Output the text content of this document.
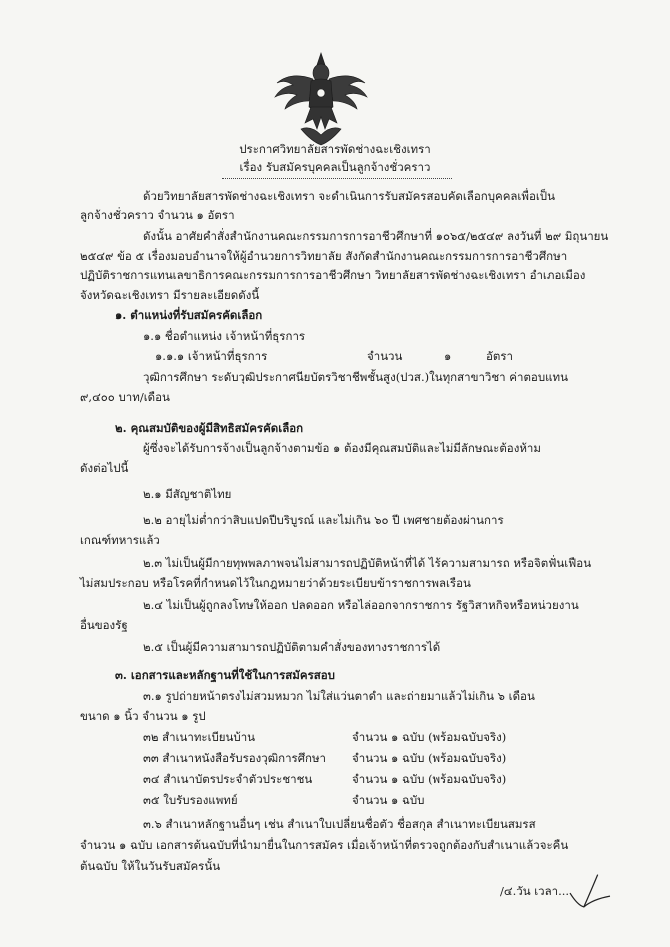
ประกาศวิทยาลัยสารพัดช่างฉะเชิงเทรา
เรื่อง รับสมัครบุคคลเป็นลูกจ้างชั่วคราว
ด้วยวิทยาลัยสารพัดช่างฉะเชิงเทรา จะดำเนินการรับสมัครสอบคัดเลือกบุคคลเพื่อเป็น
ลูกจ้างชั่วคราว จำนวน ๑ อัตรา
ดังนั้น อาศัยคำสั่งสำนักงานคณะกรรมการการอาชีวศึกษาที่ ๑๐๖๕/๒๕๔๙ ลงวันที่ ๒๙ มิถุนายน
๒๕๔๙ ข้อ ๕ เรื่องมอบอำนาจให้ผู้อำนวยการวิทยาลัย สังกัดสำนักงานคณะกรรมการการอาชีวศึกษา
ปฏิบัติราชการแทนเลขาธิการคณะกรรมการการอาชีวศึกษา วิทยาลัยสารพัดช่างฉะเชิงเทรา อำเภอเมือง
จังหวัดฉะเชิงเทรา มีรายละเอียดดังนี้
๑. ตำแหน่งที่รับสมัครคัดเลือก
๑.๑ ชื่อตำแหน่ง เจ้าหน้าที่ธุรการ
๑.๑.๑ เจ้าหน้าที่ธุรการ	จำนวน	๑	อัตรา
วุฒิการศึกษา ระดับวุฒิประกาศนียบัตรวิชาชีพชั้นสูง(ปวส.)ในทุกสาขาวิชา ค่าตอบแทน
๙,๔๐๐ บาท/เดือน
๒. คุณสมบัติของผู้มีสิทธิสมัครคัดเลือก
ผู้ซึ่งจะได้รับการจ้างเป็นลูกจ้างตามข้อ ๑ ต้องมีคุณสมบัติและไม่มีลักษณะต้องห้าม
ดังต่อไปนี้
๒.๑ มีสัญชาติไทย
๒.๒ อายุไม่ต่ำกว่าสิบแปดปีบริบูรณ์ และไม่เกิน ๖๐ ปี เพศชายต้องผ่านการ
เกณฑ์ทหารแล้ว
๒.๓ ไม่เป็นผู้มีกายทุพพลภาพจนไม่สามารถปฏิบัติหน้าที่ได้ ไร้ความสามารถ หรือจิตฟั่นเฟือน
ไม่สมประกอบ หรือโรคที่กำหนดไว้ในกฎหมายว่าด้วยระเบียบข้าราชการพลเรือน
๒.๔ ไม่เป็นผู้ถูกลงโทษให้ออก ปลดออก หรือไล่ออกจากราชการ รัฐวิสาหกิจหรือหน่วยงาน
อื่นของรัฐ
๒.๕ เป็นผู้มีความสามารถปฏิบัติตามคำสั่งของทางราชการได้
๓. เอกสารและหลักฐานที่ใช้ในการสมัครสอบ
๓.๑ รูปถ่ายหน้าตรงไม่สวมหมวก ไม่ใส่แว่นตาดำ และถ่ายมาแล้วไม่เกิน ๖ เดือน
ขนาด ๑ นิ้ว จำนวน ๑ รูป
๓๒ สำเนาทะเบียนบ้าน	จำนวน ๑ ฉบับ (พร้อมฉบับจริง)
๓๓ สำเนาหนังสือรับรองวุฒิการศึกษา จำนวน ๑ ฉบับ (พร้อมฉบับจริง)
๓๔ สำเนาบัตรประจำตัวประชาชน	จำนวน ๑ ฉบับ (พร้อมฉบับจริง)
๓๕ ใบรับรองแพทย์	จำนวน ๑ ฉบับ
๓.๖ สำเนาหลักฐานอื่นๆ เช่น สำเนาใบเปลี่ยนชื่อตัว ชื่อสกุล สำเนาทะเบียนสมรส
จำนวน ๑ ฉบับ เอกสารต้นฉบับที่นำมายื่นในการสมัคร เมื่อเจ้าหน้าที่ตรวจถูกต้องกับสำเนาแล้วจะคืน
ต้นฉบับ ให้ในวันรับสมัครนั้น
/๔.วัน เวลา...
